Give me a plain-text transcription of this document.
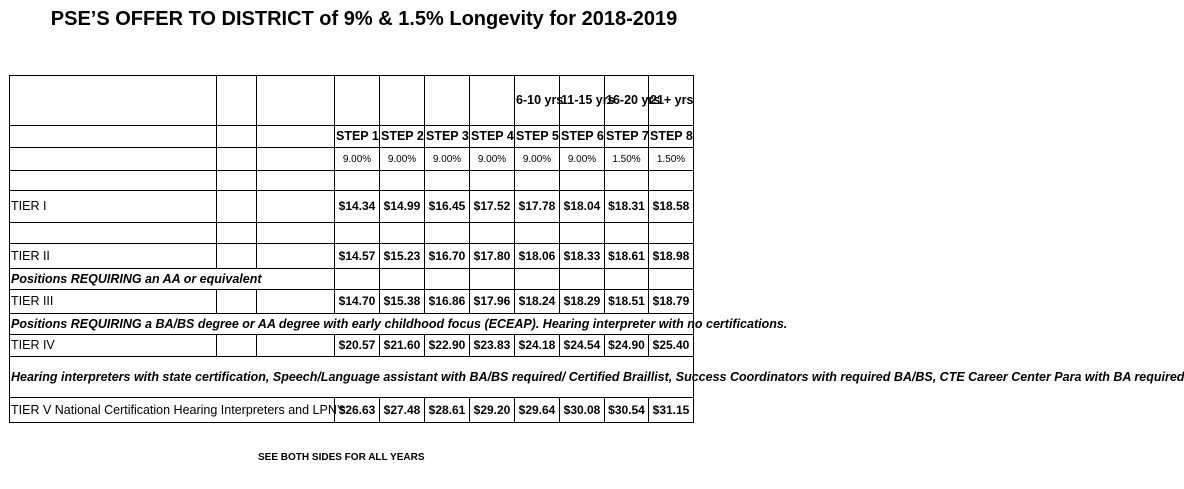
PSE’S OFFER TO DISTRICT of 9% & 1.5% Longevity for 2018-2019
							6-10 yrs	11-15 yrs	16-20 yrs	21+ yrs
			STEP 1	STEP 2	STEP 3	STEP 4	STEP 5	STEP 6	STEP 7	STEP 8
			9.00%	9.00%	9.00%	9.00%	9.00%	9.00%	1.50%	1.50%

TIER I			$14.34	$14.99	$16.45	$17.52	$17.78	$18.04	$18.31	$18.58

TIER II			$14.57	$15.23	$16.70	$17.80	$18.06	$18.33	$18.61	$18.98
Positions REQUIRING an AA or equivalent										
TIER III			$14.70	$15.38	$16.86	$17.96	$18.24	$18.29	$18.51	$18.79
Positions REQUIRING a BA/BS degree or AA degree with early childhood focus (ECEAP). Hearing interpreter with no certifications.										
TIER IV			$20.57	$21.60	$22.90	$23.83	$24.18	$24.54	$24.90	$25.40
Hearing interpreters with state certification, Speech/Language assistant with BA/BS required/ Certified Braillist, Success Coordinators with required BA/BS, CTE Career Center Para with BA required										
TIER V National Certification Hearing Interpreters and LPN’s.			$26.63	$27.48	$28.61	$29.20	$29.64	$30.08	$30.54	$31.15
SEE BOTH SIDES FOR ALL YEARS
